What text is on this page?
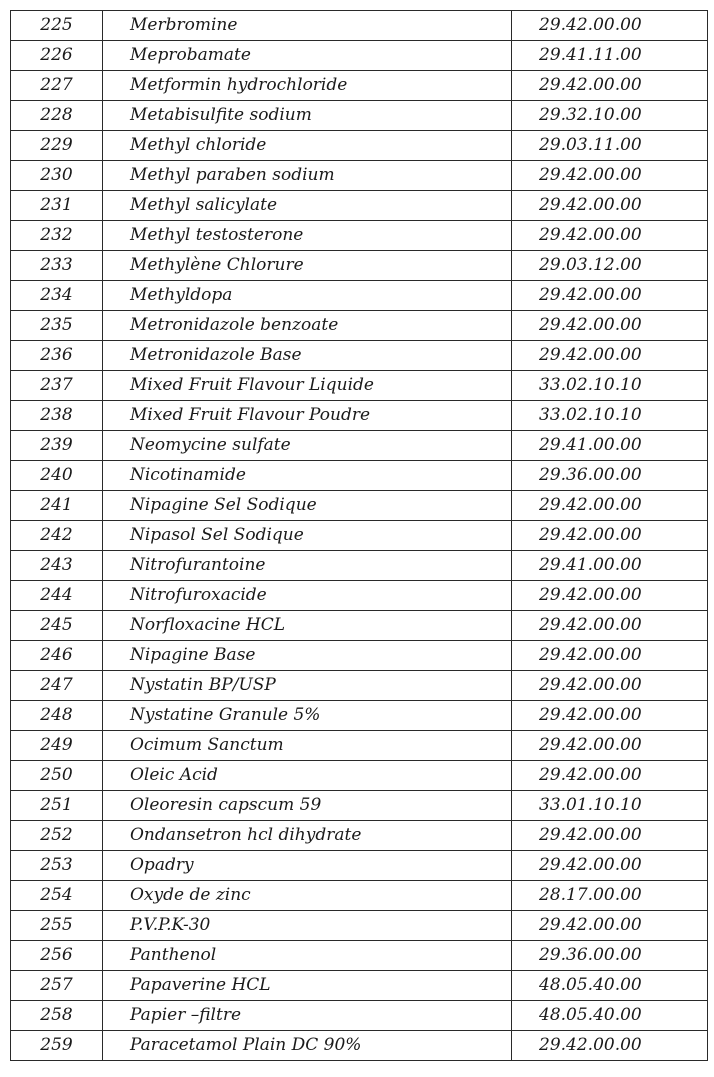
225	Merbromine	29.42.00.00
226	Meprobamate	29.41.11.00
227	Metformin hydrochloride	29.42.00.00
228	Metabisulfite sodium	29.32.10.00
229	Methyl chloride	29.03.11.00
230	Methyl paraben sodium	29.42.00.00
231	Methyl salicylate	29.42.00.00
232	Methyl testosterone	29.42.00.00
233	Methylène Chlorure	29.03.12.00
234	Methyldopa	29.42.00.00
235	Metronidazole benzoate	29.42.00.00
236	Metronidazole Base	29.42.00.00
237	Mixed Fruit Flavour Liquide	33.02.10.10
238	Mixed Fruit Flavour Poudre	33.02.10.10
239	Neomycine sulfate	29.41.00.00
240	Nicotinamide	29.36.00.00
241	Nipagine Sel Sodique	29.42.00.00
242	Nipasol Sel Sodique	29.42.00.00
243	Nitrofurantoine	29.41.00.00
244	Nitrofuroxacide	29.42.00.00
245	Norfloxacine HCL	29.42.00.00
246	Nipagine Base	29.42.00.00
247	Nystatin BP/USP	29.42.00.00
248	Nystatine Granule 5%	29.42.00.00
249	Ocimum Sanctum	29.42.00.00
250	Oleic Acid	29.42.00.00
251	Oleoresin capscum 59	33.01.10.10
252	Ondansetron hcl dihydrate	29.42.00.00
253	Opadry	29.42.00.00
254	Oxyde de zinc	28.17.00.00
255	P.V.P.K-30	29.42.00.00
256	Panthenol	29.36.00.00
257	Papaverine HCL	48.05.40.00
258	Papier –filtre	48.05.40.00
259	Paracetamol Plain DC 90%	29.42.00.00
